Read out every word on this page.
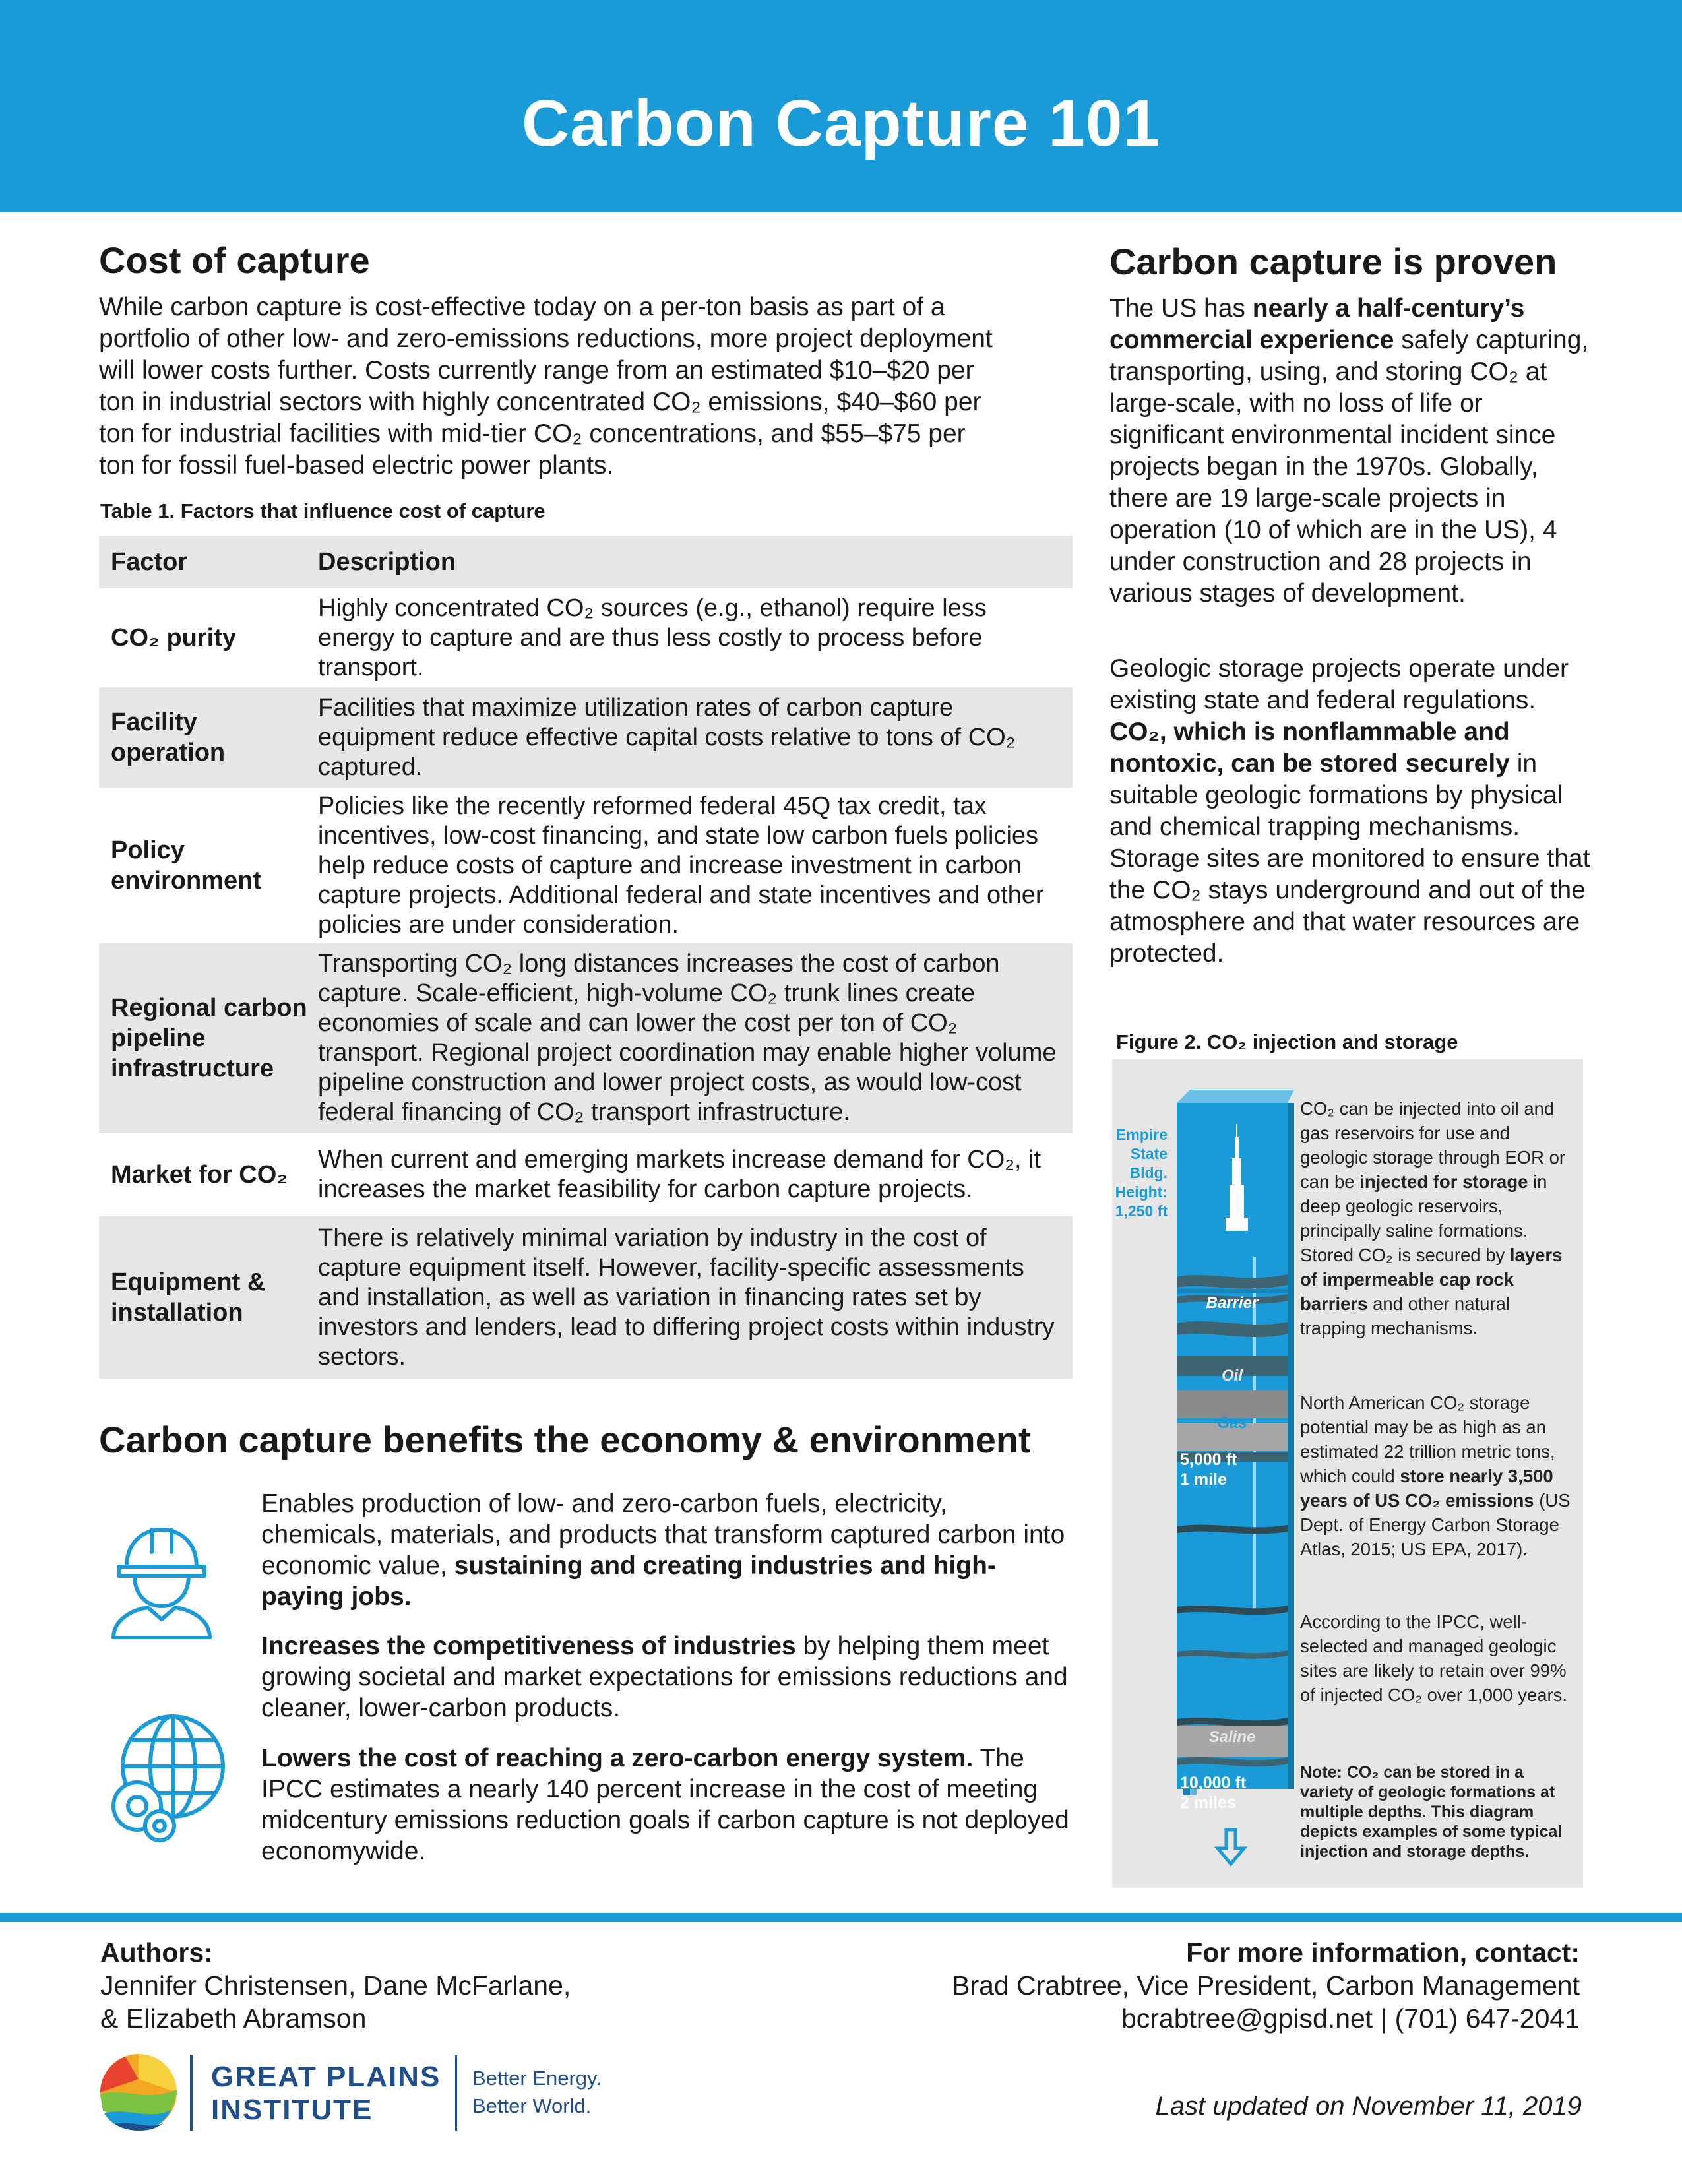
Carbon Capture 101
Cost of capture
While carbon capture is cost-effective today on a per-ton basis as part of a
portfolio of other low- and zero-emissions reductions, more project deployment
will lower costs further. Costs currently range from an estimated $10–$20 per
ton in industrial sectors with highly concentrated CO₂ emissions, $40–$60 per
ton for industrial facilities with mid-tier CO₂ concentrations, and $55–$75 per
ton for fossil fuel-based electric power plants.
Table 1. Factors that influence cost of capture
Factor	Description
CO₂ purity
Highly concentrated CO₂ sources (e.g., ethanol) require less energy to capture and are thus less costly to process before transport.
Facility operation
Facilities that maximize utilization rates of carbon capture equipment reduce effective capital costs relative to tons of CO₂ captured.
Policy environment
Policies like the recently reformed federal 45Q tax credit, tax incentives, low-cost financing, and state low carbon fuels policies help reduce costs of capture and increase investment in carbon capture projects. Additional federal and state incentives and other policies are under consideration.
Regional carbon pipeline infrastructure
Transporting CO₂ long distances increases the cost of carbon capture. Scale-efficient, high-volume CO₂ trunk lines create economies of scale and can lower the cost per ton of CO₂ transport. Regional project coordination may enable higher volume pipeline construction and lower project costs, as would low-cost federal financing of CO₂ transport infrastructure.
Market for CO₂
When current and emerging markets increase demand for CO₂, it increases the market feasibility for carbon capture projects.
Equipment & installation
There is relatively minimal variation by industry in the cost of capture equipment itself. However, facility-specific assessments and installation, as well as variation in financing rates set by investors and lenders, lead to differing project costs within industry sectors.
Carbon capture is proven
The US has nearly a half-century’s commercial experience safely capturing, transporting, using, and storing CO₂ at large-scale, with no loss of life or significant environmental incident since projects began in the 1970s. Globally, there are 19 large-scale projects in operation (10 of which are in the US), 4 under construction and 28 projects in various stages of development.
Geologic storage projects operate under existing state and federal regulations. CO₂, which is nonflammable and nontoxic, can be stored securely in suitable geologic formations by physical and chemical trapping mechanisms. Storage sites are monitored to ensure that the CO₂ stays underground and out of the atmosphere and that water resources are protected.
Figure 2. CO₂ injection and storage
Empire
State
Bldg.
Height:
1,250 ft
Barrier
Oil
Gas
Saline
5,000 ft
1 mile
10,000 ft
2 miles
CO₂ can be injected into oil and gas reservoirs for use and geologic storage through EOR or can be injected for storage in deep geologic reservoirs, principally saline formations. Stored CO₂ is secured by layers of impermeable cap rock barriers and other natural trapping mechanisms.
North American CO₂ storage potential may be as high as an estimated 22 trillion metric tons, which could store nearly 3,500 years of US CO₂ emissions (US Dept. of Energy Carbon Storage Atlas, 2015; US EPA, 2017).
According to the IPCC, well-selected and managed geologic sites are likely to retain over 99% of injected CO₂ over 1,000 years.
Note: CO₂ can be stored in a variety of geologic formations at multiple depths. This diagram depicts examples of some typical injection and storage depths.
Carbon capture benefits the economy & environment
Enables production of low- and zero-carbon fuels, electricity, chemicals, materials, and products that transform captured carbon into economic value, sustaining and creating industries and high-paying jobs.
Increases the competitiveness of industries by helping them meet growing societal and market expectations for emissions reductions and cleaner, lower-carbon products.
Lowers the cost of reaching a zero-carbon energy system. The IPCC estimates a nearly 140 percent increase in the cost of meeting midcentury emissions reduction goals if carbon capture is not deployed economywide.
Authors:
Jennifer Christensen, Dane McFarlane,
& Elizabeth Abramson
For more information, contact:
Brad Crabtree, Vice President, Carbon Management
bcrabtree@gpisd.net | (701) 647-2041
GREAT PLAINS
INSTITUTE
Better Energy.
Better World.	Last updated on November 11, 2019
